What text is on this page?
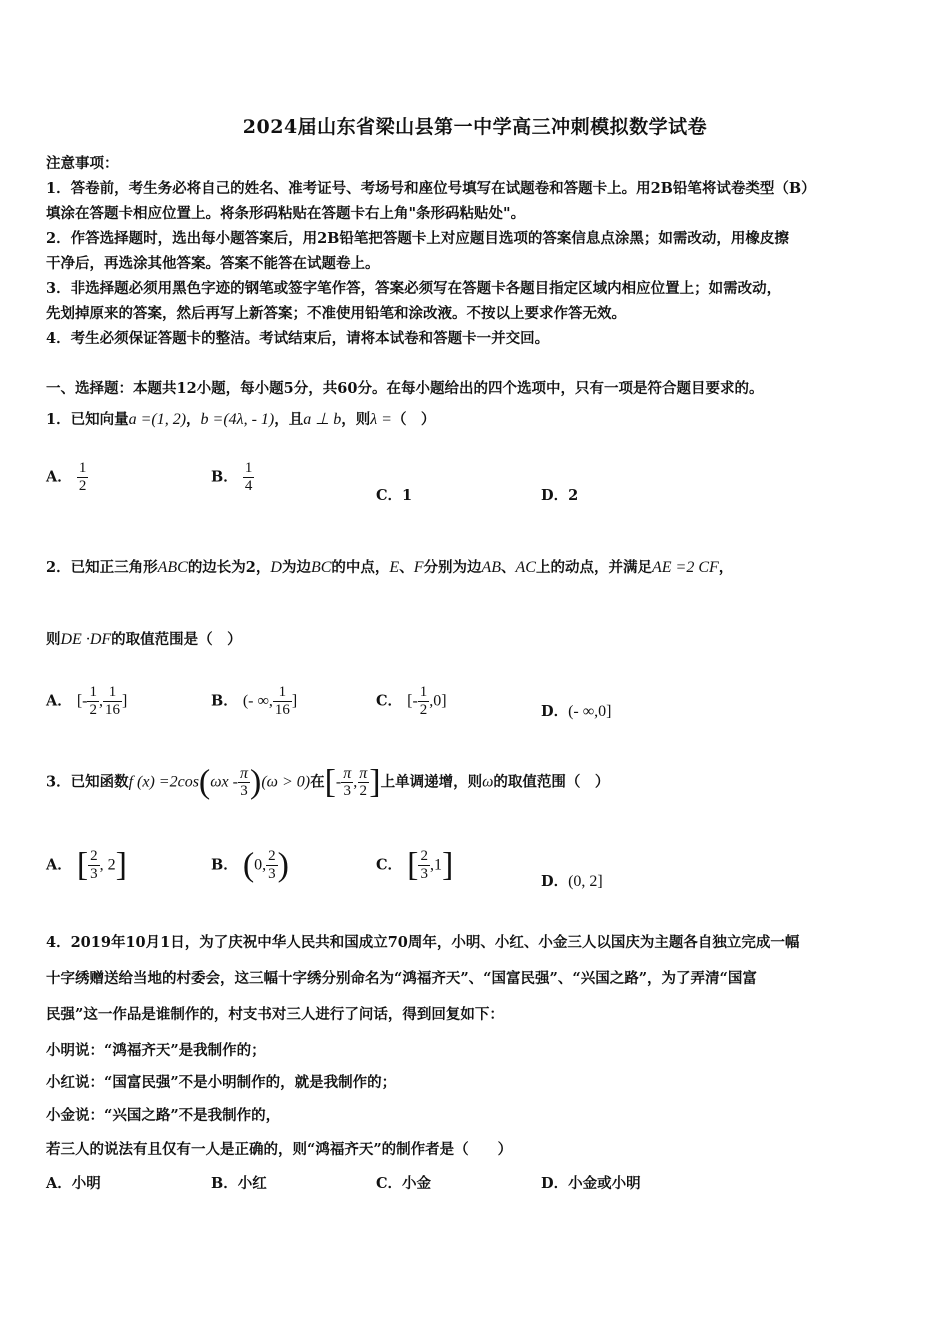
2024届山东省梁山县第一中学高三冲刺模拟数学试卷
注意事项：
1．答卷前，考生务必将自己的姓名、准考证号、考场号和座位号填写在试题卷和答题卡上。用2B铅笔将试卷类型（B）
填涂在答题卡相应位置上。将条形码粘贴在答题卡右上角"条形码粘贴处"。
2．作答选择题时，选出每小题答案后，用2B铅笔把答题卡上对应题目选项的答案信息点涂黑；如需改动，用橡皮擦
干净后，再选涂其他答案。答案不能答在试题卷上。
3．非选择题必须用黑色字迹的钢笔或签字笔作答，答案必须写在答题卡各题目指定区域内相应位置上；如需改动，
先划掉原来的答案，然后再写上新答案；不准使用铅笔和涂改液。不按以上要求作答无效。
4．考生必须保证答题卡的整洁。考试结束后，请将本试卷和答题卡一并交回。
一、选择题：本题共12小题，每小题5分，共60分。在每小题给出的四个选项中，只有一项是符合题目要求的。
1．已知向量a =(1, 2)，b =(4λ, - 1)，且a ⊥ b，则λ =（　）
A． $\frac{1}{2}$	B． $\frac{1}{4}$
C．1	D．2
2．已知正三角形ABC的边长为2，D为边BC的中点，E、F分别为边AB、AC上的动点，并满足AE =2 CF，
则DE ·DF的取值范围是（　）
A． [- $\frac{1}{2}$ , $\frac{1}{16}$ ]	B． (- ∞, $\frac{1}{16}$ ]	C． [- $\frac{1}{2} ,0$]
D．(- ∞,0]
3．已知函数f $(x) =2\cos(\omega x - \frac{\pi}{3} )(\omega > 0)$在[- $\frac{\pi}{3}$ , $\frac{\pi}{2}$ ]上单调递增，则ω的取值范围（　）
A． [ $\frac{2}{3}$ , 2]	B． (0, $\frac{2}{3}$ )	C． [ $\frac{2}{3} ,1$]	D．(0, 2]
4．2019年10月1日，为了庆祝中华人民共和国成立70周年，小明、小红、小金三人以国庆为主题各自独立完成一幅
十字绣赠送给当地的村委会，这三幅十字绣分别命名为“鸿福齐天”、“国富民强”、“兴国之路”，为了弄清“国富
民强”这一作品是谁制作的，村支书对三人进行了问话，得到回复如下：
小明说：“鸿福齐天”是我制作的；
小红说：“国富民强”不是小明制作的，就是我制作的；
小金说：“兴国之路”不是我制作的，
若三人的说法有且仅有一人是正确的，则“鸿福齐天”的制作者是（　　）
A．小明	B．小红	C．小金	D．小金或小明
